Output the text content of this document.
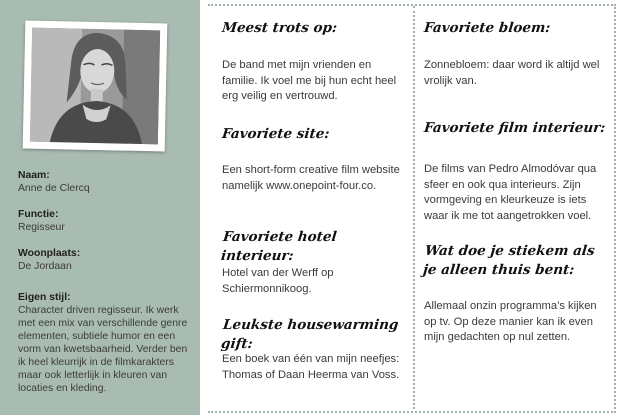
Naam:
Anne de Clercq
Functie:
Regisseur
Woonplaats:
De Jordaan
Eigen stijl:
Character driven regisseur. Ik werk met een mix van verschillende genre elementen, subtiele humor en een vorm van kwetsbaarheid. Verder ben ik heel kleurrijk in de filmkarakters maar ook letterlijk in kleuren van locaties en kleding.
Meest trots op:
De band met mijn vrienden en familie. Ik voel me bij hun echt heel erg veilig en vertrouwd.
Favoriete site:
Een short-form creative film website namelijk www.onepoint-four.co.
Favoriete hotel interieur:
Hotel van der Werff op Schiermonnikoog.
Leukste housewarming gift:
Een boek van één van mijn neefjes: Thomas of Daan Heerma van Voss.
Favoriete bloem:
Zonnebloem: daar word ik altijd wel vrolijk van.
Favoriete film interieur:
De films van Pedro Almodóvar qua sfeer en ook qua interieurs. Zijn vormgeving en kleurkeuze is iets waar ik me tot aangetrokken voel.
Wat doe je stiekem als je alleen thuis bent:
Allemaal onzin programma’s kijken op tv. Op deze manier kan ik even mijn gedachten op nul zetten.
